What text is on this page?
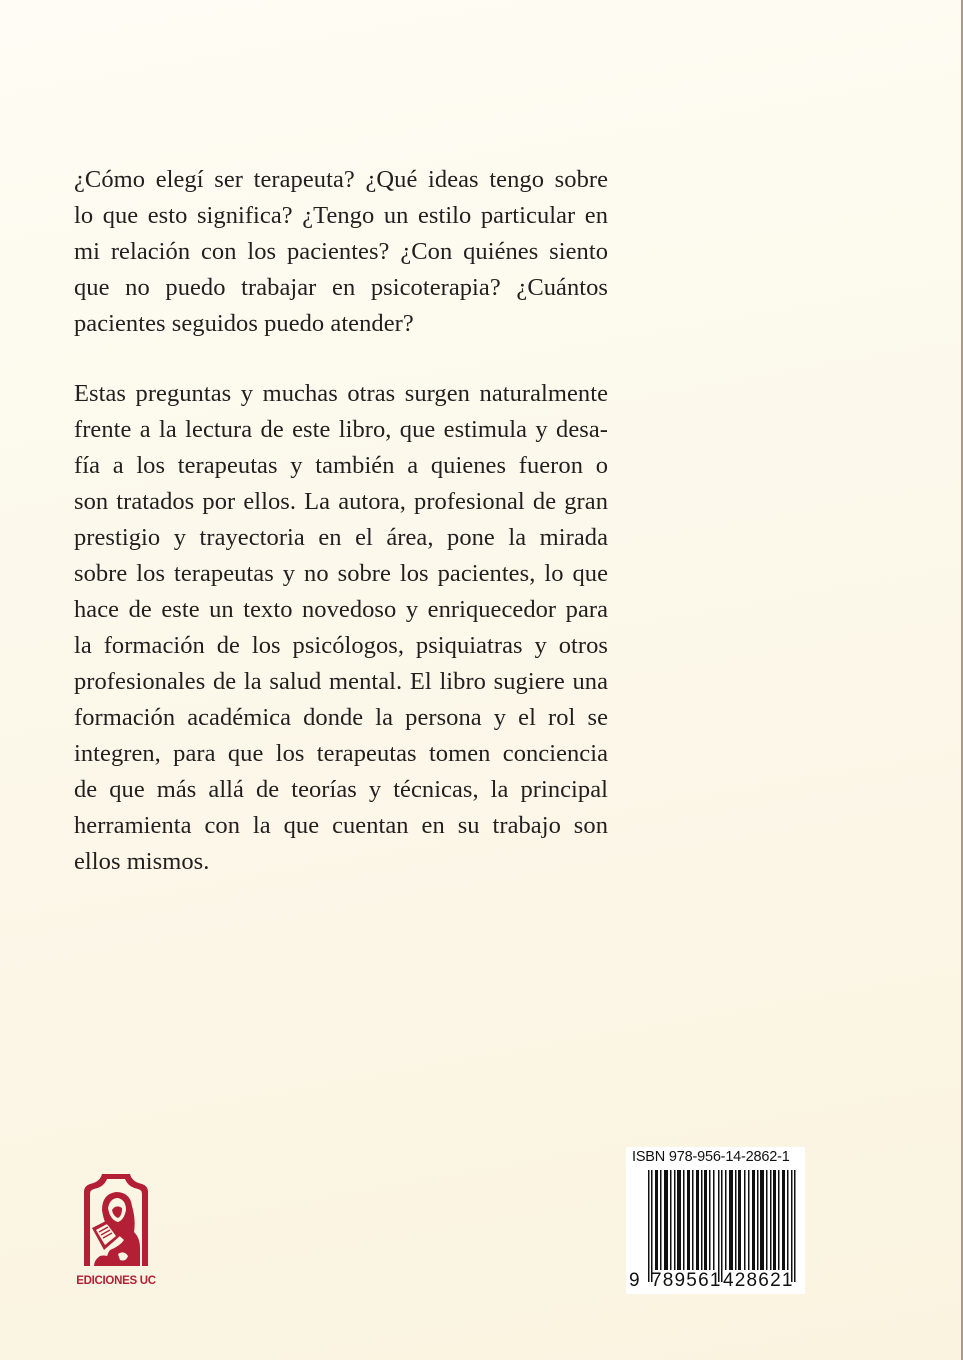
¿Cómo elegí ser terapeuta? ¿Qué ideas tengo sobre
lo que esto significa? ¿Tengo un estilo particular en
mi relación con los pacientes? ¿Con quiénes siento
que no puedo trabajar en psicoterapia? ¿Cuántos
pacientes seguidos puedo atender?
Estas preguntas y muchas otras surgen naturalmente
frente a la lectura de este libro, que estimula y desa-
fía a los terapeutas y también a quienes fueron o
son tratados por ellos. La autora, profesional de gran
prestigio y trayectoria en el área, pone la mirada
sobre los terapeutas y no sobre los pacientes, lo que
hace de este un texto novedoso y enriquecedor para
la formación de los psicólogos, psiquiatras y otros
profesionales de la salud mental. El libro sugiere una
formación académica donde la persona y el rol se
integren, para que los terapeutas tomen conciencia
de que más allá de teorías y técnicas, la principal
herramienta con la que cuentan en su trabajo son
ellos mismos.
EDICIONES UC
ISBN 978-956-14-2862-1
9 789561 428621
